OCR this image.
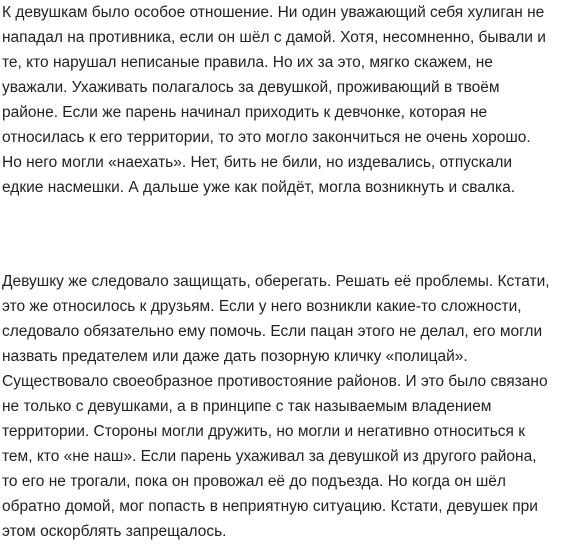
К девушкам было особое отношение. Ни один уважающий себя хулиган не
нападал на противника, если он шёл с дамой. Хотя, несомненно, бывали и
те, кто нарушал неписаные правила. Но их за это, мягко скажем, не
уважали. Ухаживать полагалось за девушкой, проживающий в твоём
районе. Если же парень начинал приходить к девчонке, которая не
относилась к его территории, то это могло закончиться не очень хорошо.
Но него могли «наехать». Нет, бить не били, но издевались, отпускали
едкие насмешки. А дальше уже как пойдёт, могла возникнуть и свалка.
Девушку же следовало защищать, оберегать. Решать её проблемы. Кстати,
это же относилось к друзьям. Если у него возникли какие-то сложности,
следовало обязательно ему помочь. Если пацан этого не делал, его могли
назвать предателем или даже дать позорную кличку «полицай».
Существовало своеобразное противостояние районов. И это было связано
не только с девушками, а в принципе с так называемым владением
территории. Стороны могли дружить, но могли и негативно относиться к
тем, кто «не наш». Если парень ухаживал за девушкой из другого района,
то его не трогали, пока он провожал её до подъезда. Но когда он шёл
обратно домой, мог попасть в неприятную ситуацию. Кстати, девушек при
этом оскорблять запрещалось.
